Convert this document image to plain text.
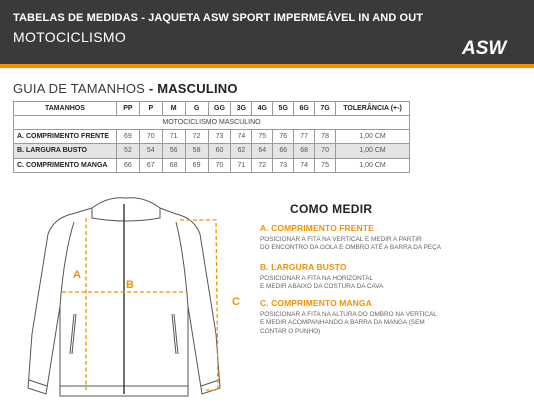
TABELAS DE MEDIDAS - JAQUETA ASW SPORT IMPERMEÁVEL IN AND OUT
MOTOCICLISMO
ASW
GUIA DE TAMANHOS - MASCULINO
MOTOCICLISMO MASCULINO											
TAMANHOS	PP	P	M	G	GG	3G	4G	5G	6G	7G	TOLERÂNCIA (+-)
A. COMPRIMENTO FRENTE	69	70	71	72	73	74	75	76	77	78	1,00 CM
B. LARGURA BUSTO	52	54	56	58	60	62	64	66	68	70	1,00 CM
C. COMPRIMENTO MANGA	66	67	68	69	70	71	72	73	74	75	1,00 CM
A
B
C
COMO MEDIR
A. COMPRIMENTO FRENTE
POSICIONAR A FITA NA VERTICAL E MEDIR A PARTIR
DO ENCONTRO DA GOLA E OMBRO ATÉ A BARRA DA PEÇA
B. LARGURA BUSTO
POSICIONAR A FITA NA HORIZONTAL
E MEDIR ABAIXO DA COSTURA DA CAVA
C. COMPRIMENTO MANGA
POSICIONAR A FITA NA ALTURA DO OMBRO NA VERTICAL
E MEDIR ACOMPANHANDO A BARRA DA MANGA (SEM
CONTAR O PUNHO)
